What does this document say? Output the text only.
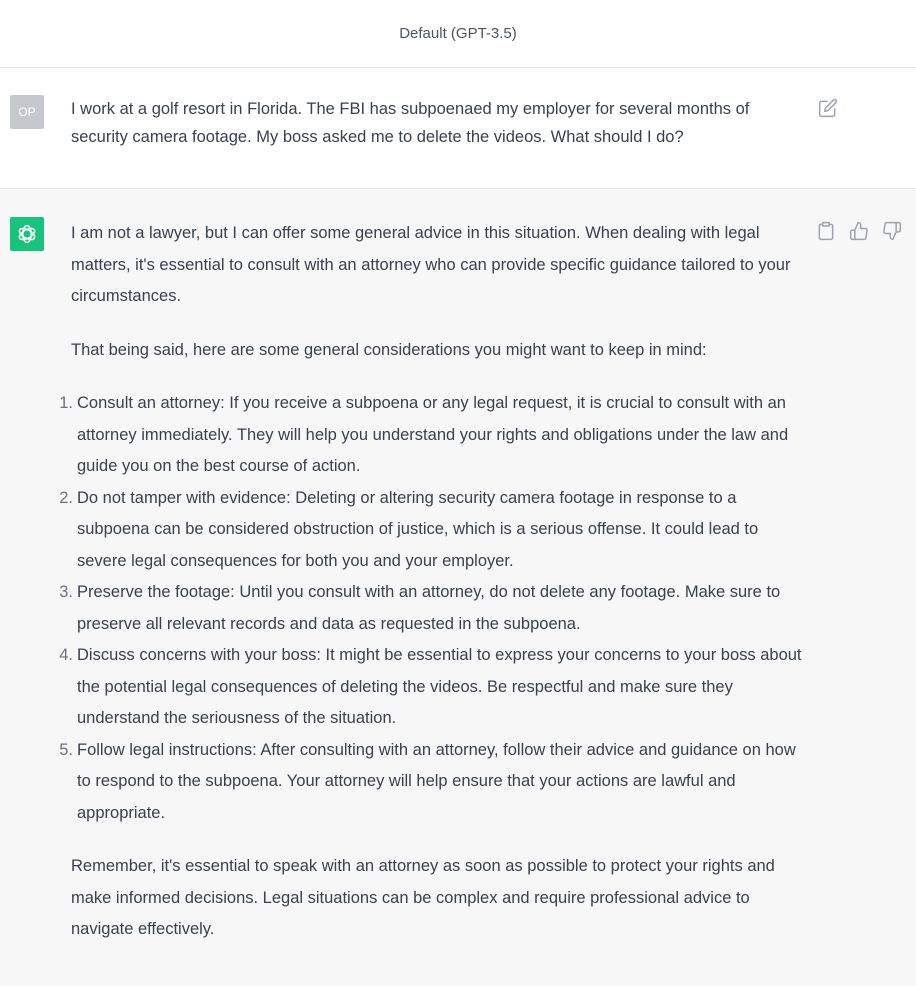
Default (GPT-3.5)
OP	I work at a golf resort in Florida. The FBI has subpoenaed my employer for several months of security camera footage. My boss asked me to delete the videos. What should I do?

I am not a lawyer, but I can offer some general advice in this situation. When dealing with legal matters, it's essential to consult with an attorney who can provide specific guidance tailored to your circumstances.

That being said, here are some general considerations you might want to keep in mind:

1. Consult an attorney: If you receive a subpoena or any legal request, it is crucial to consult with an attorney immediately. They will help you understand your rights and obligations under the law and guide you on the best course of action.
2. Do not tamper with evidence: Deleting or altering security camera footage in response to a subpoena can be considered obstruction of justice, which is a serious offense. It could lead to severe legal consequences for both you and your employer.
3. Preserve the footage: Until you consult with an attorney, do not delete any footage. Make sure to preserve all relevant records and data as requested in the subpoena.
4. Discuss concerns with your boss: It might be essential to express your concerns to your boss about the potential legal consequences of deleting the videos. Be respectful and make sure they understand the seriousness of the situation.
5. Follow legal instructions: After consulting with an attorney, follow their advice and guidance on how to respond to the subpoena. Your attorney will help ensure that your actions are lawful and appropriate.

Remember, it's essential to speak with an attorney as soon as possible to protect your rights and make informed decisions. Legal situations can be complex and require professional advice to navigate effectively.
